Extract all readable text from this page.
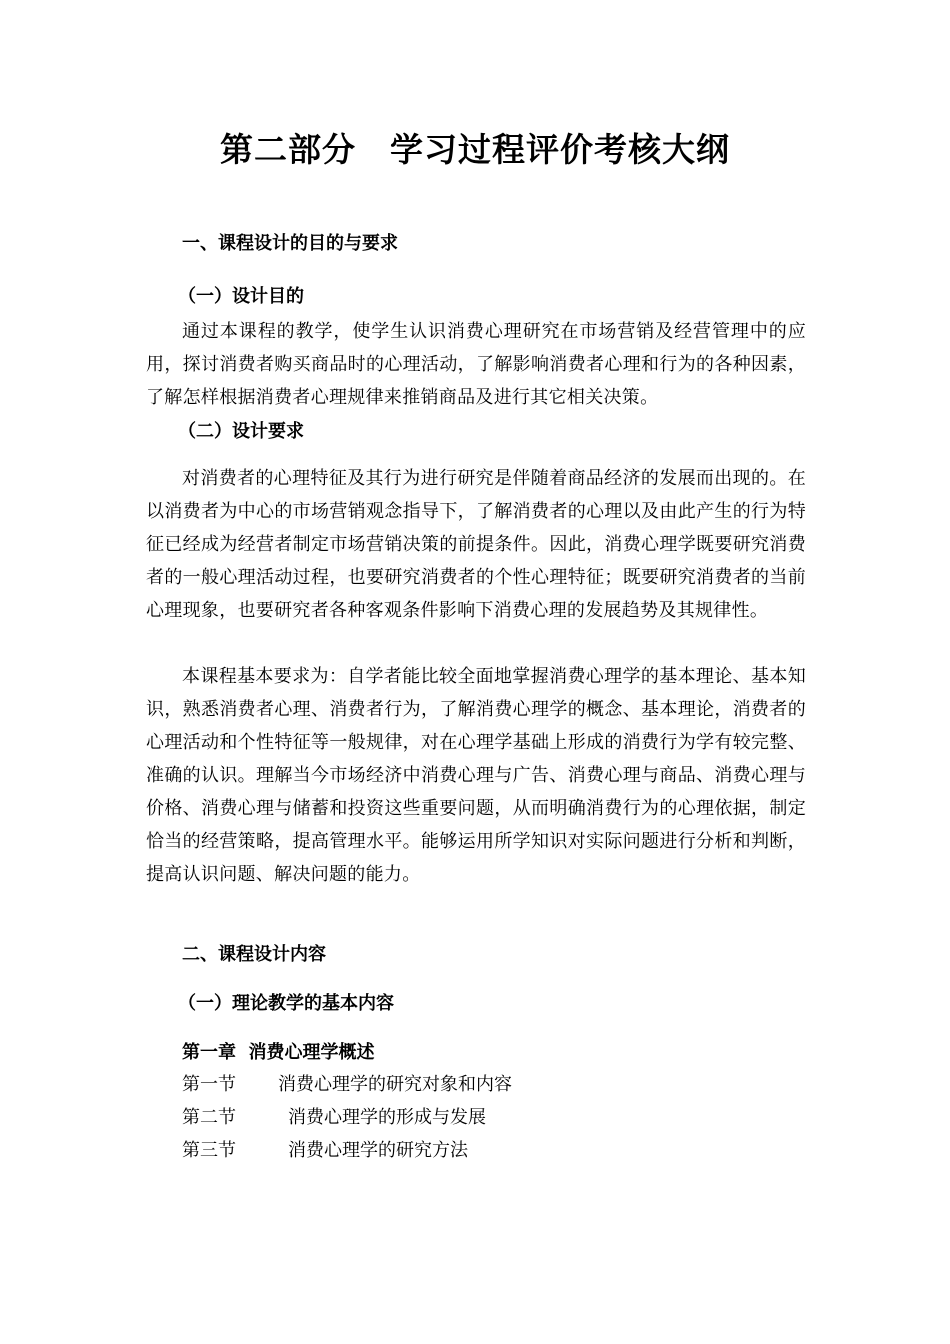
第二部分　学习过程评价考核大纲
一、课程设计的目的与要求
（一）设计目的

通过本课程的教学，使学生认识消费心理研究在市场营销及经营管理中的应用，探讨消费者购买商品时的心理活动，了解影响消费者心理和行为的各种因素，了解怎样根据消费者心理规律来推销商品及进行其它相关决策。

（二）设计要求

对消费者的心理特征及其行为进行研究是伴随着商品经济的发展而出现的。在以消费者为中心的市场营销观念指导下，了解消费者的心理以及由此产生的行为特征已经成为经营者制定市场营销决策的前提条件。因此，消费心理学既要研究消费者的一般心理活动过程，也要研究消费者的个性心理特征；既要研究消费者的当前心理现象，也要研究者各种客观条件影响下消费心理的发展趋势及其规律性。

本课程基本要求为：自学者能比较全面地掌握消费心理学的基本理论、基本知识，熟悉消费者心理、消费者行为，了解消费心理学的概念、基本理论，消费者的心理活动和个性特征等一般规律，对在心理学基础上形成的消费行为学有较完整、准确的认识。理解当今市场经济中消费心理与广告、消费心理与商品、消费心理与价格、消费心理与储蓄和投资这些重要问题，从而明确消费行为的心理依据，制定恰当的经营策略，提高管理水平。能够运用所学知识对实际问题进行分析和判断，提高认识问题、解决问题的能力。

二、课程设计内容
（一）理论教学的基本内容
第一章  消费心理学概述
第一节 消费心理学的研究对象和内容
第二节	消费心理学的形成与发展
第三节	消费心理学的研究方法
